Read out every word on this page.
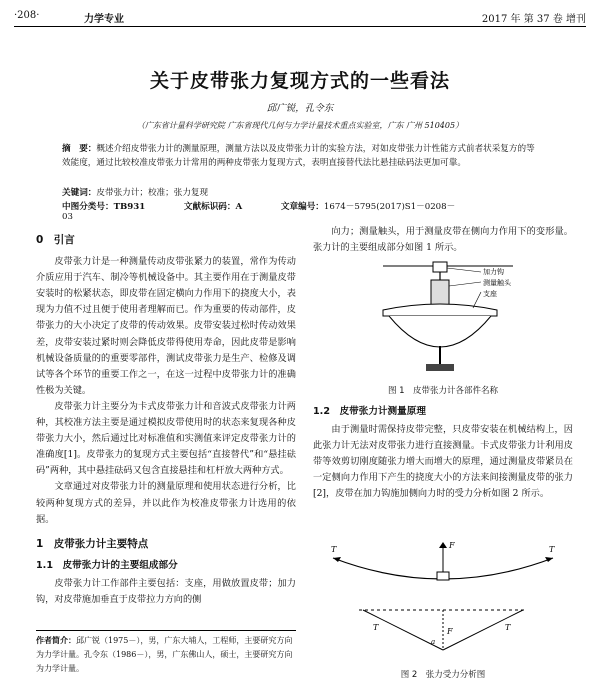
·208·	力学专业	2017 年 第 37 卷 增刊
关于皮带张力复现方式的一些看法
邱广锐，孔令东
（广东省计量科学研究院 广东省现代几何与力学计量技术重点实验室，广东 广州 510405）
摘　要：概述介绍皮带张力计的测量原理，测量方法以及皮带张力计的实验方法，对如皮带张力计性能方式前者状采复方的等效能度，通过比较校准皮带张力计常用的两种皮带张力复现方式，表明直接替代法比悬挂砝码法更加可靠。
关键词：皮带张力计；校准；张力复现
中图分类号：TB931	文献标识码：A	文章编号：1674－5795(2017)S1－0208－03
0　引言

皮带张力计是一种测量传动皮带张紧力的装置，常作为传动介质应用于汽车、制冷等机械设备中。其主要作用在于测量皮带安装时的松紧状态，即皮带在固定横向力作用下的挠度大小，表现为力值不过且便于使用者理解而已。作为重要的传动部件，皮带张力的大小决定了皮带的传动效果。皮带安装过松时传动效果差，皮带安装过紧时则会降低皮带得使用寿命，因此皮带是影响机械设备质量的的重要零部件，测试皮带张力是生产、检修及调试等各个环节的重要工作之一，在这一过程中皮带张力计的准确性极为关键。

皮带张力计主要分为卡式皮带张力计和音波式皮带张力计两种，其校准方法主要是通过模拟皮带使用时的状态来复现各种皮带张力大小，然后通过比对标准值和实测值来评定皮带张力计的准确度[1]。皮带张力的复现方式主要包括“直接替代”和“悬挂砝码”两种，其中悬挂砝码又包含直接悬挂和杠杆放大两种方式。

文章通过对皮带张力计的测量原理和使用状态进行分析，比较两种复现方式的差异，并以此作为校准皮带张力计选用的依据。

1　皮带张力计主要特点
1.1　皮带张力计的主要组成部分

皮带张力计工作部件主要包括：支座，用做放置皮带；加力钩，对皮带施加垂直于皮带拉力方向的侧

作者简介：邱广锐（1975－），男，广东大埔人，工程师，主要研究方向为力学计量。孔令东（1986－），男，广东佛山人，硕士，主要研究方向为力学计量。

向力；测量触头，用于测量皮带在侧向力作用下的变形量。张力计的主要组成部分如图 1 所示。

加力钩
测量触头
支座
图 1　皮带张力计各部件名称
1.2　皮带张力计测量原理

由于测量时需保持皮带完整，只皮带安装在机械结构上，因此张力计无法对皮带张力进行直接测量。卡式皮带张力计利用皮带等效剪切刚度随张力增大而增大的原理，通过测量皮带紧员在一定侧向力作用下产生的挠度大小的方法来间接测量皮带的张力[2]，皮带在加力钩施加侧向力时的受力分析如图 2 所示。

T	T
F
T	T
F
a
图 2　张力受力分析图
